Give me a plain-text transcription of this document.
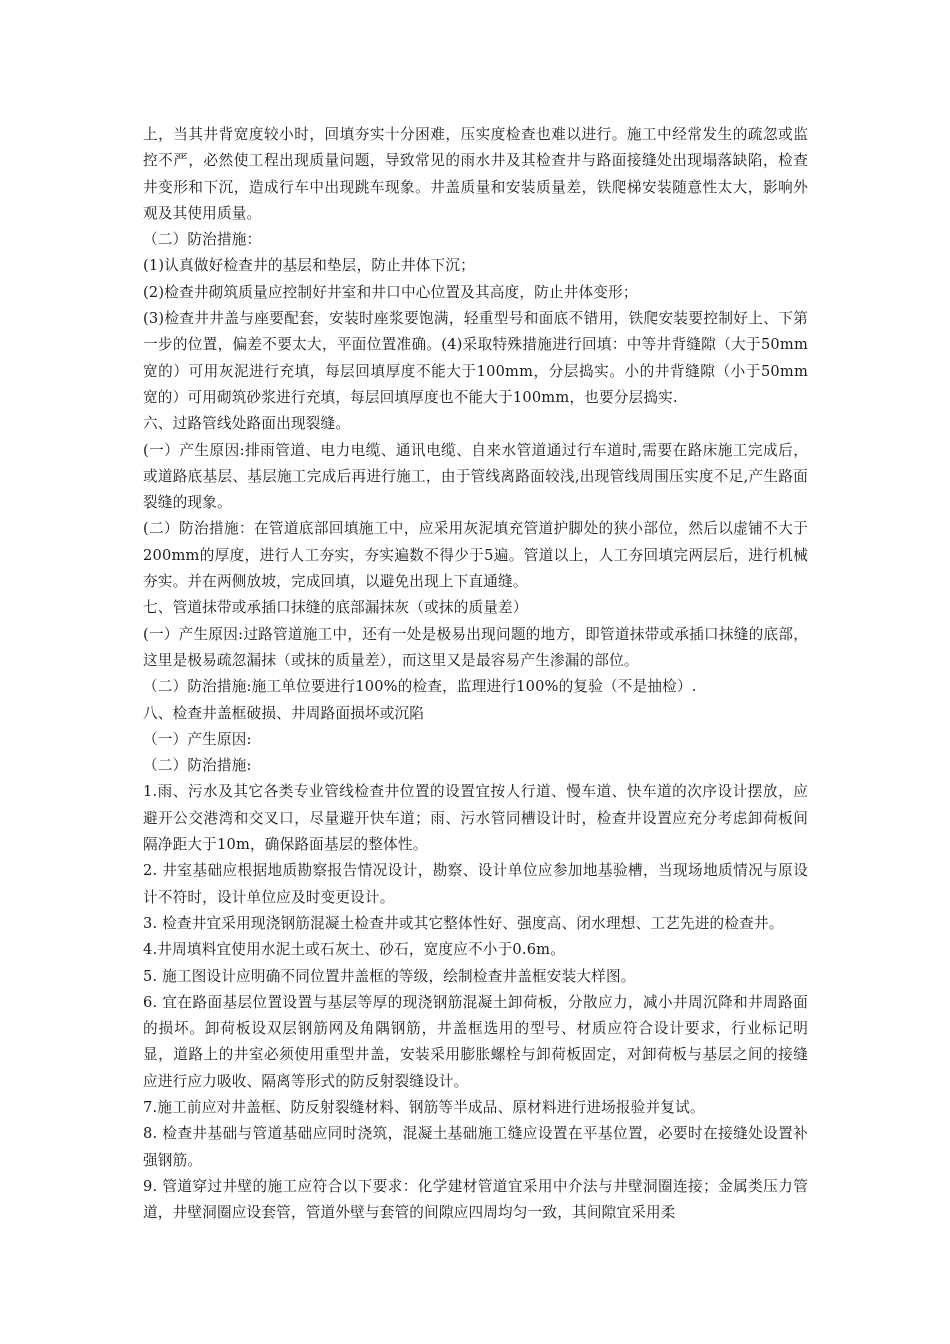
上，当其井背宽度较小时，回填夯实十分困难，压实度检查也难以进行。施工中经常发生的疏忽或监控不严，必然使工程出现质量问题，导致常见的雨水井及其检查井与路面接缝处出现塌落缺陷，检查井变形和下沉，造成行车中出现跳车现象。井盖质量和安装质量差，铁爬梯安装随意性太大，影响外观及其使用质量。

（二）防治措施：

(1)认真做好检查井的基层和垫层，防止井体下沉；

(2)检查井砌筑质量应控制好井室和井口中心位置及其高度，防止井体变形；

(3)检查井井盖与座要配套，安装时座浆要饱满，轻重型号和面底不错用，铁爬安装要控制好上、下第一步的位置，偏差不要太大，平面位置准确。(4)采取特殊措施进行回填：中等井背缝隙（大于50mm宽的）可用灰泥进行充填，每层回填厚度不能大于100mm，分层捣实。小的井背缝隙（小于50mm宽的）可用砌筑砂浆进行充填，每层回填厚度也不能大于100mm，也要分层捣实.

六、过路管线处路面出现裂缝。

(一）产生原因:排雨管道、电力电缆、通讯电缆、自来水管道通过行车道时,需要在路床施工完成后，或道路底基层、基层施工完成后再进行施工，由于管线离路面较浅,出现管线周围压实度不足,产生路面裂缝的现象。

(二）防治措施：在管道底部回填施工中，应采用灰泥填充管道护脚处的狭小部位，然后以虚铺不大于200mm的厚度，进行人工夯实，夯实遍数不得少于5遍。管道以上，人工夯回填完两层后，进行机械夯实。并在两侧放坡，完成回填，以避免出现上下直通缝。

七、管道抹带或承插口抹缝的底部漏抹灰（或抹的质量差）

(一）产生原因:过路管道施工中，还有一处是极易出现问题的地方，即管道抹带或承插口抹缝的底部，这里是极易疏忽漏抹（或抹的质量差），而这里又是最容易产生渗漏的部位。

（二）防治措施:施工单位要进行100%的检查，监理进行100%的复验（不是抽检）.

八、检查井盖框破损、井周路面损坏或沉陷

（一）产生原因:

（二）防治措施:

1.雨、污水及其它各类专业管线检查井位置的设置宜按人行道、慢车道、快车道的次序设计摆放，应避开公交港湾和交叉口，尽量避开快车道；雨、污水管同槽设计时，检查井设置应充分考虑卸荷板间隔净距大于10m，确保路面基层的整体性。

2. 井室基础应根据地质勘察报告情况设计，勘察、设计单位应参加地基验槽，当现场地质情况与原设计不符时，设计单位应及时变更设计。

3. 检查井宜采用现浇钢筋混凝土检查井或其它整体性好、强度高、闭水理想、工艺先进的检查井。

4.井周填料宜使用水泥土或石灰土、砂石，宽度应不小于0.6m。

5. 施工图设计应明确不同位置井盖框的等级，绘制检查井盖框安装大样图。

6. 宜在路面基层位置设置与基层等厚的现浇钢筋混凝土卸荷板，分散应力，减小井周沉降和井周路面的损坏。卸荷板设双层钢筋网及角隅钢筋，井盖框选用的型号、材质应符合设计要求，行业标记明显，道路上的井室必须使用重型井盖，安装采用膨胀螺栓与卸荷板固定，对卸荷板与基层之间的接缝应进行应力吸收、隔离等形式的防反射裂缝设计。

7.施工前应对井盖框、防反射裂缝材料、钢筋等半成品、原材料进行进场报验并复试。

8. 检查井基础与管道基础应同时浇筑，混凝土基础施工缝应设置在平基位置，必要时在接缝处设置补强钢筋。

9. 管道穿过井壁的施工应符合以下要求：化学建材管道宜采用中介法与井壁洞圈连接；金属类压力管道，井壁洞圈应设套管，管道外壁与套管的间隙应四周均匀一致，其间隙宜采用柔
